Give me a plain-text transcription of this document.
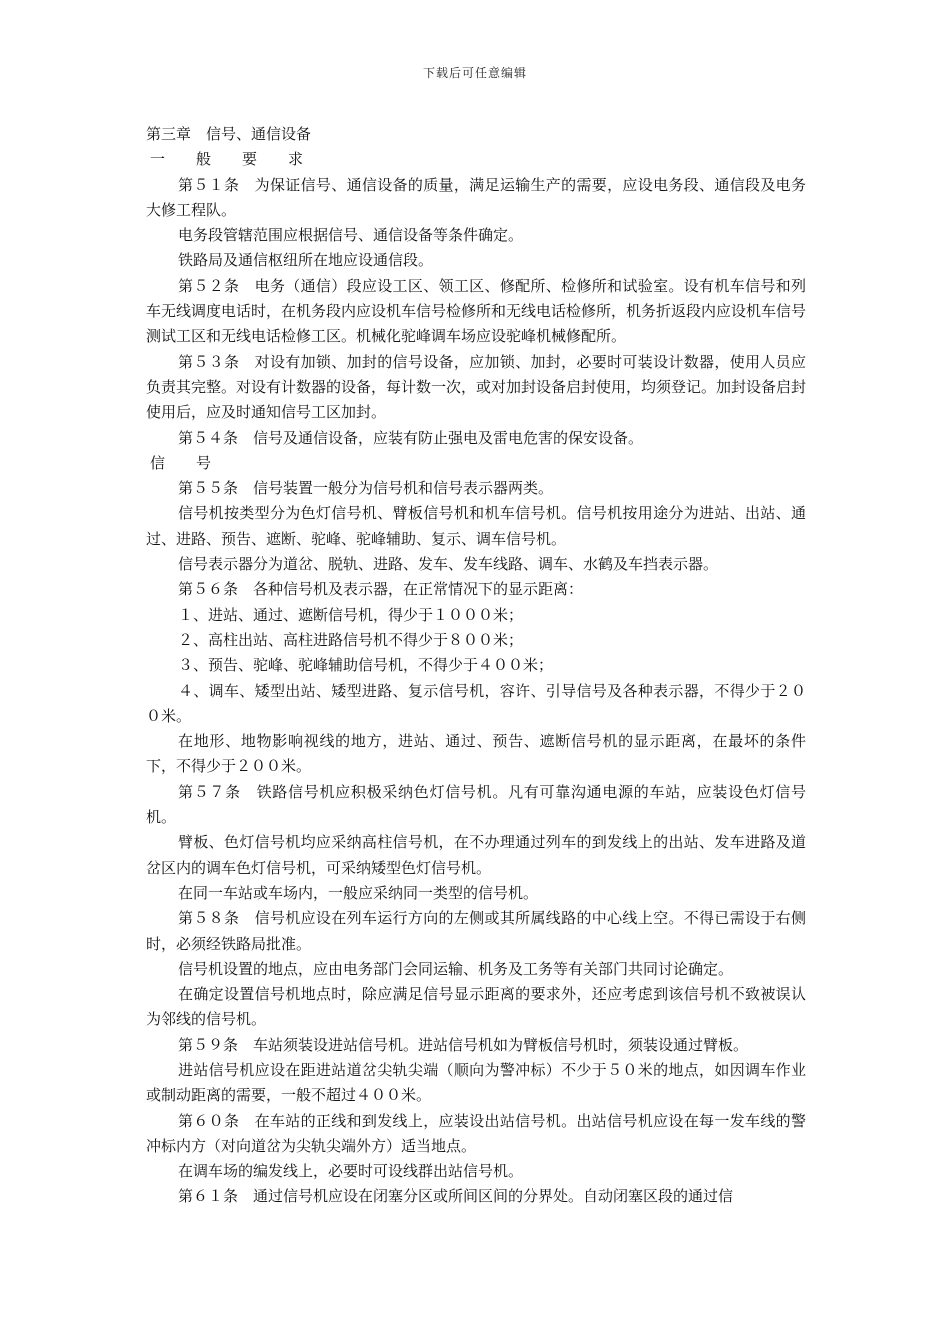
下载后可任意编辑

第三章　信号、通信设备

一　般　要　求

第５１条　为保证信号、通信设备的质量，满足运输生产的需要，应设电务段、通信段及电务大修工程队。

电务段管辖范围应根据信号、通信设备等条件确定。

铁路局及通信枢纽所在地应设通信段。

第５２条　电务（通信）段应设工区、领工区、修配所、检修所和试验室。设有机车信号和列车无线调度电话时，在机务段内应设机车信号检修所和无线电话检修所，机务折返段内应设机车信号测试工区和无线电话检修工区。机械化驼峰调车场应设驼峰机械修配所。

第５３条　对设有加锁、加封的信号设备，应加锁、加封，必要时可装设计数器，使用人员应负责其完整。对设有计数器的设备，每计数一次，或对加封设备启封使用，均须登记。加封设备启封使用后，应及时通知信号工区加封。

第５４条　信号及通信设备，应装有防止强电及雷电危害的保安设备。

信　号

第５５条　信号装置一般分为信号机和信号表示器两类。

信号机按类型分为色灯信号机、臂板信号机和机车信号机。信号机按用途分为进站、出站、通过、进路、预告、遮断、驼峰、驼峰辅助、复示、调车信号机。

信号表示器分为道岔、脱轨、进路、发车、发车线路、调车、水鹤及车挡表示器。

第５６条　各种信号机及表示器，在正常情况下的显示距离：

１、进站、通过、遮断信号机，得少于１０００米；

２、高柱出站、高柱进路信号机不得少于８００米；

３、预告、驼峰、驼峰辅助信号机，不得少于４００米；

４、调车、矮型出站、矮型进路、复示信号机，容许、引导信号及各种表示器，不得少于２００米。

在地形、地物影响视线的地方，进站、通过、预告、遮断信号机的显示距离，在最坏的条件下，不得少于２００米。

第５７条　铁路信号机应积极采纳色灯信号机。凡有可靠沟通电源的车站，应装设色灯信号机。

臂板、色灯信号机均应采纳高柱信号机，在不办理通过列车的到发线上的出站、发车进路及道岔区内的调车色灯信号机，可采纳矮型色灯信号机。

在同一车站或车场内，一般应采纳同一类型的信号机。

第５８条　信号机应设在列车运行方向的左侧或其所属线路的中心线上空。不得已需设于右侧时，必须经铁路局批准。

信号机设置的地点，应由电务部门会同运输、机务及工务等有关部门共同讨论确定。

在确定设置信号机地点时，除应满足信号显示距离的要求外，还应考虑到该信号机不致被误认为邻线的信号机。

第５９条　车站须装设进站信号机。进站信号机如为臂板信号机时，须装设通过臂板。

进站信号机应设在距进站道岔尖轨尖端（顺向为警冲标）不少于５０米的地点，如因调车作业或制动距离的需要，一般不超过４００米。

第６０条　在车站的正线和到发线上，应装设出站信号机。出站信号机应设在每一发车线的警冲标内方（对向道岔为尖轨尖端外方）适当地点。

在调车场的编发线上，必要时可设线群出站信号机。

第６１条　通过信号机应设在闭塞分区或所间区间的分界处。自动闭塞区段的通过信
